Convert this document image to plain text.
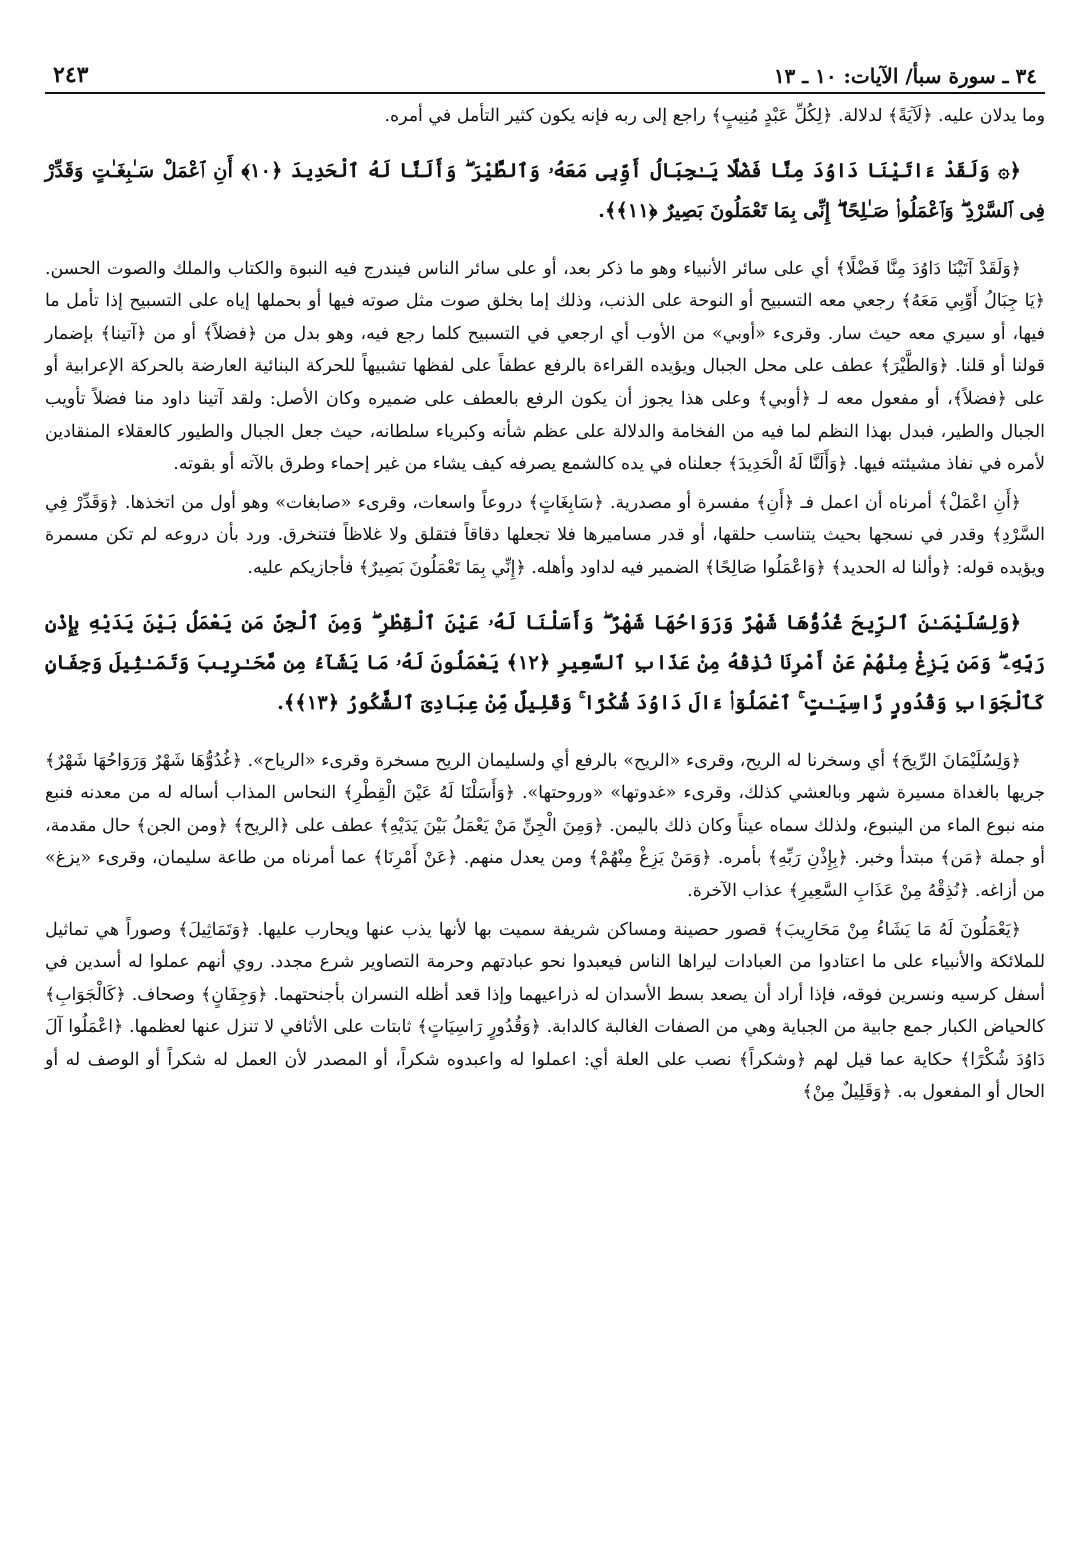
٣٤ ـ سورة سبأ/ الآيات: ١٠ ـ ١٣
٢٤٣

وما يدلان عليه. ﴿لَآيَةً﴾ لدلالة. ﴿لِكُلِّ عَبْدٍ مُنِيبٍ﴾ راجع إلى ربه فإنه يكون كثير التأمل في أمره.

﴿۞ وَلَقَدْ ءَاتَيْنَا دَاوُدَ مِنَّا فَضْلًا يَـٰجِبَالُ أَوِّبِى مَعَهُۥ وَٱلطَّيْرَ ۖ وَأَلَنَّا لَهُ ٱلْحَدِيدَ ﴿١٠﴾ أَنِ ٱعْمَلْ سَـٰبِغَـٰتٍ وَقَدِّرْ فِى ٱلسَّرْدِ ۖ وَٱعْمَلُوا۟ صَـٰلِحًا ۖ إِنِّى بِمَا تَعْمَلُونَ بَصِيرٌ ﴿١١﴾﴾.

﴿وَلَقَدْ آتَيْنَا دَاوُدَ مِنَّا فَضْلًا﴾ أي على سائر الأنبياء وهو ما ذكر بعد، أو على سائر الناس فيندرج فيه النبوة والكتاب والملك والصوت الحسن. ﴿يَا جِبَالُ أَوِّبِي مَعَهُ﴾ رجعي معه التسبيح أو النوحة على الذنب، وذلك إما بخلق صوت مثل صوته فيها أو بحملها إياه على التسبيح إذا تأمل ما فيها، أو سيري معه حيث سار. وقرىء «أوبي» من الأوب أي ارجعي في التسبيح كلما رجع فيه، وهو بدل من ﴿فضلاً﴾ أو من ﴿آتينا﴾ بإضمار قولنا أو قلنا. ﴿وَالطَّيْرَ﴾ عطف على محل الجبال ويؤيده القراءة بالرفع عطفاً على لفظها تشبيهاً للحركة البنائية العارضة بالحركة الإعرابية أو على ﴿فضلاً﴾، أو مفعول معه لـ ﴿أوبي﴾ وعلى هذا يجوز أن يكون الرفع بالعطف على ضميره وكان الأصل: ولقد آتينا داود منا فضلاً تأويب الجبال والطير، فبدل بهذا النظم لما فيه من الفخامة والدلالة على عظم شأنه وكبرياء سلطانه، حيث جعل الجبال والطيور كالعقلاء المنقادين لأمره في نفاذ مشيئته فيها. ﴿وَأَلَنَّا لَهُ الْحَدِيدَ﴾ جعلناه في يده كالشمع يصرفه كيف يشاء من غير إحماء وطرق بالآته أو بقوته.

﴿أَنِ اعْمَلْ﴾ أمرناه أن اعمل فـ ﴿أَنِ﴾ مفسرة أو مصدرية. ﴿سَابِغَاتٍ﴾ دروعاً واسعات، وقرىء «صابغات» وهو أول من اتخذها. ﴿وَقَدِّرْ فِي السَّرْدِ﴾ وقدر في نسجها بحيث يتناسب حلقها، أو قدر مساميرها فلا تجعلها دقاقاً فتقلق ولا غلاظاً فتنخرق. ورد بأن دروعه لم تكن مسمرة ويؤيده قوله: ﴿وألنا له الحديد﴾ ﴿وَاعْمَلُوا صَالِحًا﴾ الضمير فيه لداود وأهله. ﴿إِنِّي بِمَا تَعْمَلُونَ بَصِيرٌ﴾ فأجازيكم عليه.

﴿وَلِسُلَيْمَـٰنَ ٱلرِّيحَ غُدُوُّهَا شَهْرٌ وَرَوَاحُهَا شَهْرٌ ۖ وَأَسَلْنَا لَهُۥ عَيْنَ ٱلْقِطْرِ ۖ وَمِنَ ٱلْجِنِّ مَن يَعْمَلُ بَيْنَ يَدَيْهِ بِإِذْنِ رَبِّهِۦ ۖ وَمَن يَزِغْ مِنْهُمْ عَنْ أَمْرِنَا نُذِقْهُ مِنْ عَذَابِ ٱلسَّعِيرِ ﴿١٢﴾ يَعْمَلُونَ لَهُۥ مَا يَشَآءُ مِن مَّحَـٰرِيبَ وَتَمَـٰثِيلَ وَجِفَانٍ كَٱلْجَوَابِ وَقُدُورٍ رَّاسِيَـٰتٍ ۚ ٱعْمَلُوٓا۟ ءَالَ دَاوُدَ شُكْرًا ۚ وَقَلِيلٌ مِّنْ عِبَادِىَ ٱلشَّكُورُ ﴿١٣﴾﴾.

﴿وَلِسُلَيْمَانَ الرِّيحَ﴾ أي وسخرنا له الريح، وقرىء «الريح» بالرفع أي ولسليمان الريح مسخرة وقرىء «الرياح». ﴿غُدُوُّهَا شَهْرٌ وَرَوَاحُهَا شَهْرٌ﴾ جريها بالغداة مسيرة شهر وبالعشي كذلك، وقرىء «غدوتها» «وروحتها». ﴿وَأَسَلْنَا لَهُ عَيْنَ الْقِطْرِ﴾ النحاس المذاب أساله له من معدنه فنبع منه نبوع الماء من الينبوع، ولذلك سماه عيناً وكان ذلك باليمن. ﴿وَمِنَ الْجِنِّ مَنْ يَعْمَلُ بَيْنَ يَدَيْهِ﴾ عطف على ﴿الريح﴾ ﴿ومن الجن﴾ حال مقدمة، أو جملة ﴿مَن﴾ مبتدأ وخبر. ﴿بِإِذْنِ رَبِّهِ﴾ بأمره. ﴿وَمَنْ يَزِغْ مِنْهُمْ﴾ ومن يعدل منهم. ﴿عَنْ أَمْرِنَا﴾ عما أمرناه من طاعة سليمان، وقرىء «يزغ» من أزاغه. ﴿نُذِقْهُ مِنْ عَذَابِ السَّعِيرِ﴾ عذاب الآخرة.

﴿يَعْمَلُونَ لَهُ مَا يَشَاءُ مِنْ مَحَارِيبَ﴾ قصور حصينة ومساكن شريفة سميت بها لأنها يذب عنها ويحارب عليها. ﴿وَتَمَاثِيلَ﴾ وصوراً هي تماثيل للملائكة والأنبياء على ما اعتادوا من العبادات ليراها الناس فيعبدوا نحو عبادتهم وحرمة التصاوير شرع مجدد. روي أنهم عملوا له أسدين في أسفل كرسيه ونسرين فوقه، فإذا أراد أن يصعد بسط الأسدان له ذراعيهما وإذا قعد أظله النسران بأجنحتهما. ﴿وَجِفَانٍ﴾ وصحاف. ﴿كَالْجَوَابِ﴾ كالحياض الكبار جمع جابية من الجباية وهي من الصفات الغالبة كالدابة. ﴿وَقُدُورٍ رَاسِيَاتٍ﴾ ثابتات على الأثافي لا تنزل عنها لعظمها. ﴿اعْمَلُوا آلَ دَاوُدَ شُكْرًا﴾ حكاية عما قيل لهم ﴿وشكراً﴾ نصب على العلة أي: اعملوا له واعبدوه شكراً، أو المصدر لأن العمل له شكراً أو الوصف له أو الحال أو المفعول به. ﴿وَقَلِيلٌ مِنْ﴾
